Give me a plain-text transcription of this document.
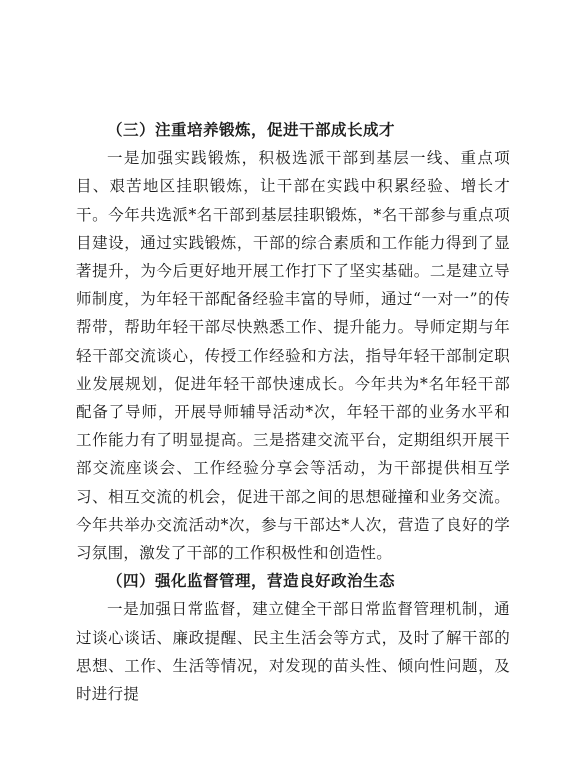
（三）注重培养锻炼，促进干部成长成才

一是加强实践锻炼，积极选派干部到基层一线、重点项目、艰苦地区挂职锻炼，让干部在实践中积累经验、增长才干。今年共选派*名干部到基层挂职锻炼，*名干部参与重点项目建设，通过实践锻炼，干部的综合素质和工作能力得到了显著提升，为今后更好地开展工作打下了坚实基础。二是建立导师制度，为年轻干部配备经验丰富的导师，通过“一对一”的传帮带，帮助年轻干部尽快熟悉工作、提升能力。导师定期与年轻干部交流谈心，传授工作经验和方法，指导年轻干部制定职业发展规划，促进年轻干部快速成长。今年共为*名年轻干部配备了导师，开展导师辅导活动*次，年轻干部的业务水平和工作能力有了明显提高。三是搭建交流平台，定期组织开展干部交流座谈会、工作经验分享会等活动，为干部提供相互学习、相互交流的机会，促进干部之间的思想碰撞和业务交流。今年共举办交流活动*次，参与干部达*人次，营造了良好的学习氛围，激发了干部的工作积极性和创造性。

（四）强化监督管理，营造良好政治生态

一是加强日常监督，建立健全干部日常监督管理机制，通过谈心谈话、廉政提醒、民主生活会等方式，及时了解干部的思想、工作、生活等情况，对发现的苗头性、倾向性问题，及时进行提
